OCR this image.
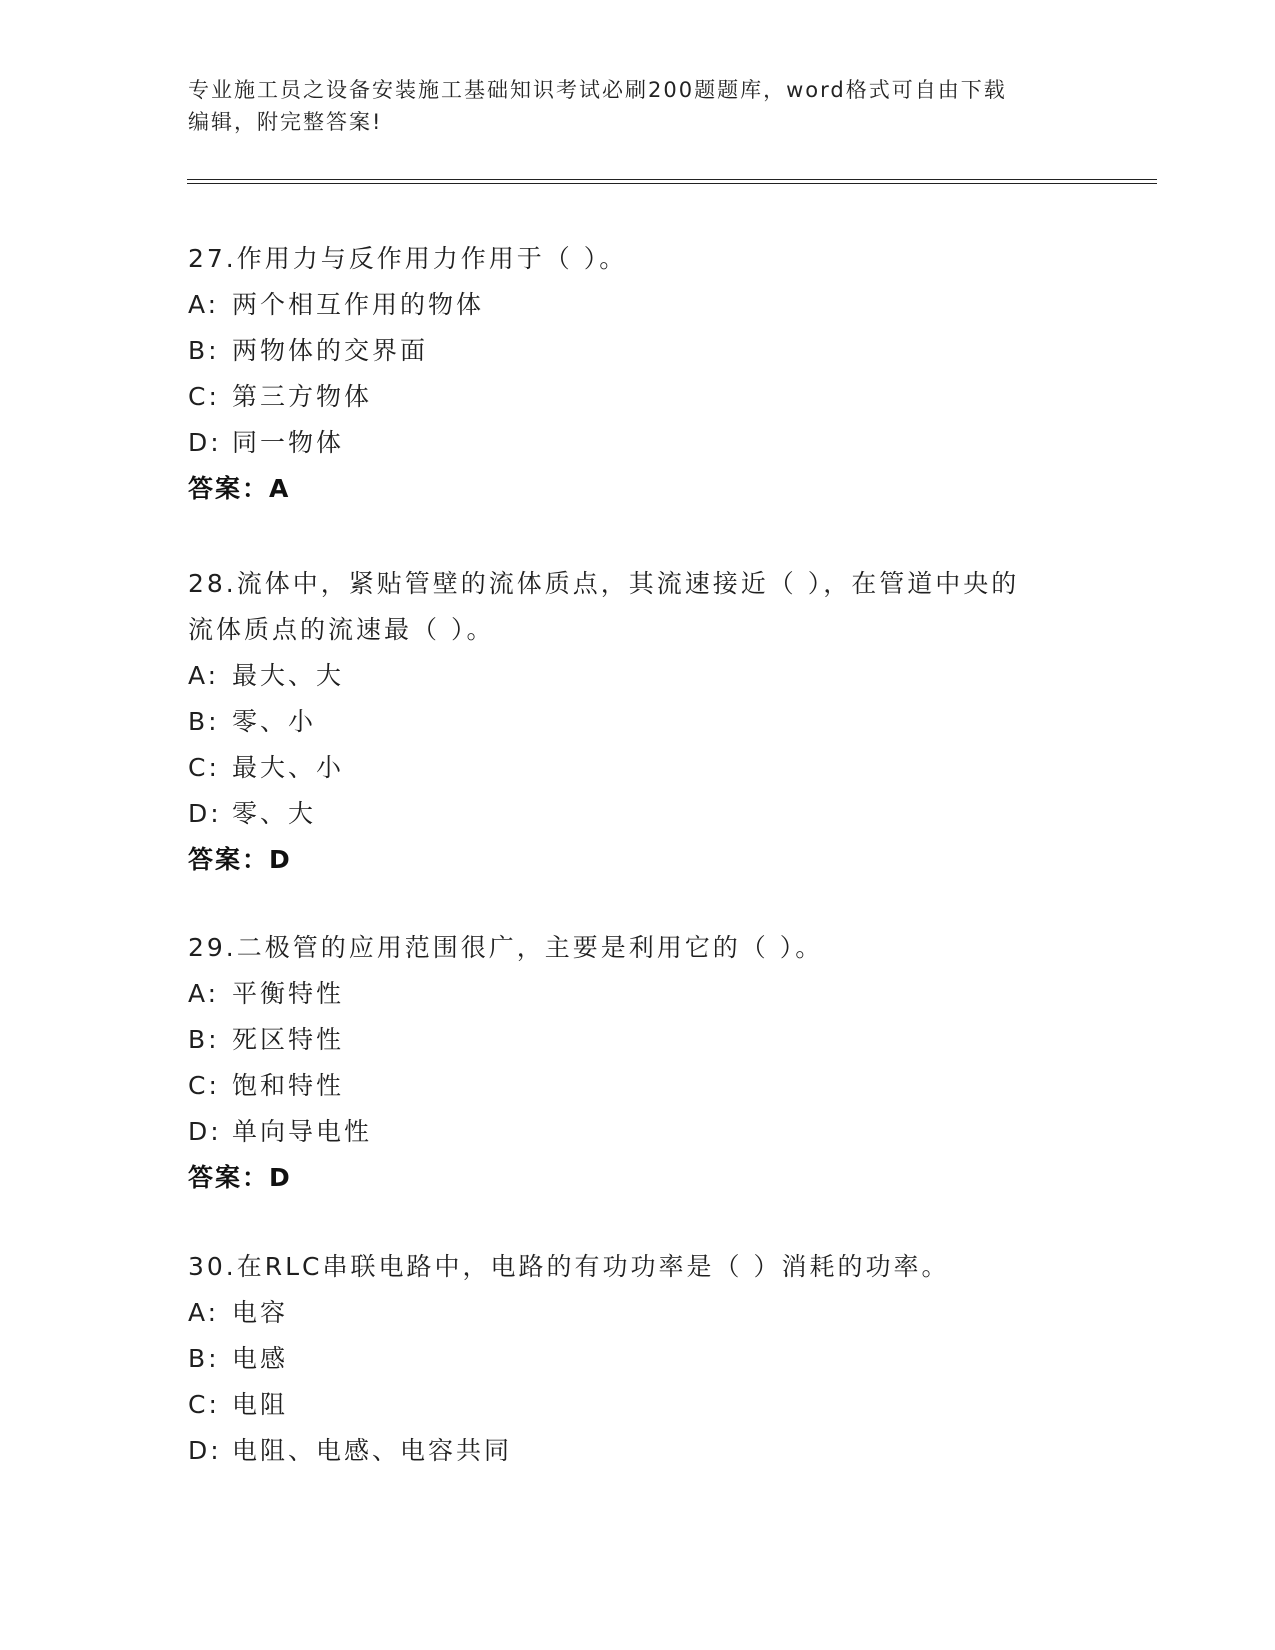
专业施工员之设备安装施工基础知识考试必刷200题题库，word格式可自由下载
编辑，附完整答案!
27.作用力与反作用力作用于（ ）。
A: 两个相互作用的物体
B: 两物体的交界面
C: 第三方物体
D: 同一物体
答案：A
28.流体中，紧贴管壁的流体质点，其流速接近（ ），在管道中央的
流体质点的流速最（ ）。
A: 最大、大
B: 零、小
C: 最大、小
D: 零、大
答案：D
29.二极管的应用范围很广，主要是利用它的（ ）。
A: 平衡特性
B: 死区特性
C: 饱和特性
D: 单向导电性
答案：D
30.在RLC串联电路中，电路的有功功率是（ ）消耗的功率。
A: 电容
B: 电感
C: 电阻
D: 电阻、电感、电容共同
